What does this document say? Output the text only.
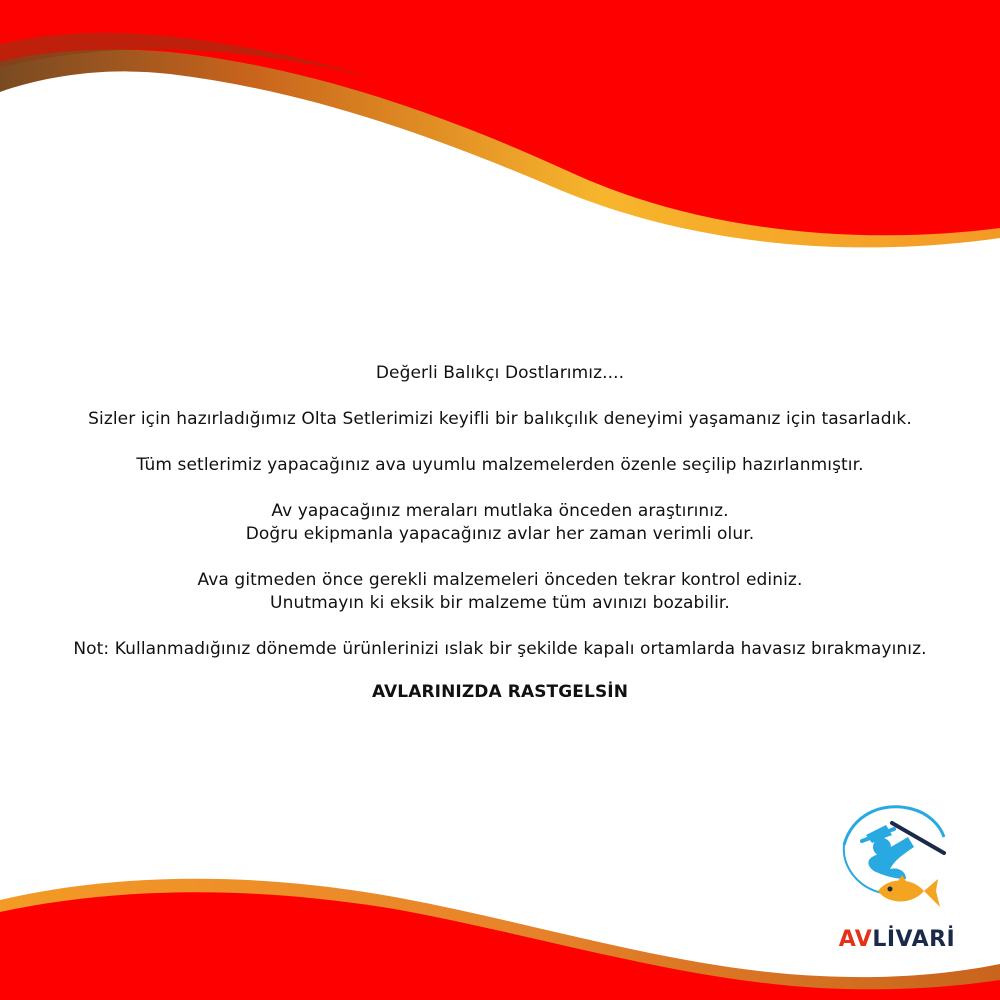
Değerli Balıkçı Dostlarımız....

Sizler için hazırladığımız Olta Setlerimizi keyifli bir balıkçılık deneyimi yaşamanız için tasarladık.

Tüm setlerimiz yapacağınız ava uyumlu malzemelerden özenle seçilip hazırlanmıştır.

Av yapacağınız meraları mutlaka önceden araştırınız.

Doğru ekipmanla yapacağınız avlar her zaman verimli olur.

Ava gitmeden önce gerekli malzemeleri önceden tekrar kontrol ediniz.

Unutmayın ki eksik bir malzeme tüm avınızı bozabilir.

Not: Kullanmadığınız dönemde ürünlerinizi ıslak bir şekilde kapalı ortamlarda havasız bırakmayınız.

AVLARINIZDA RASTGELSİN

AVLİVARİ
